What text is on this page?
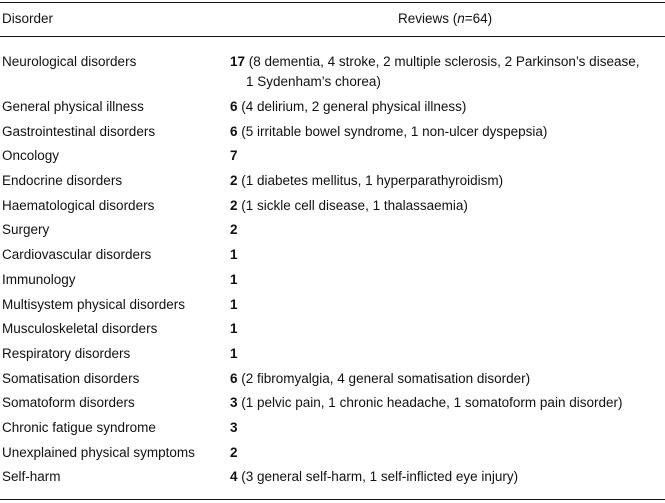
Disorder	Reviews (n=64)
Neurological disorders	17 (8 dementia, 4 stroke, 2 multiple sclerosis, 2 Parkinson’s disease,
1 Sydenham’s chorea)
General physical illness	6 (4 delirium, 2 general physical illness)
Gastrointestinal disorders	6 (5 irritable bowel syndrome, 1 non-ulcer dyspepsia)
Oncology	7
Endocrine disorders	2 (1 diabetes mellitus, 1 hyperparathyroidism)
Haematological disorders	2 (1 sickle cell disease, 1 thalassaemia)
Surgery	2
Cardiovascular disorders	1
Immunology	1
Multisystem physical disorders	1
Musculoskeletal disorders	1
Respiratory disorders	1
Somatisation disorders	6 (2 fibromyalgia, 4 general somatisation disorder)
Somatoform disorders	3 (1 pelvic pain, 1 chronic headache, 1 somatoform pain disorder)
Chronic fatigue syndrome	3
Unexplained physical symptoms	2
Self-harm	4 (3 general self-harm, 1 self-inflicted eye injury)
